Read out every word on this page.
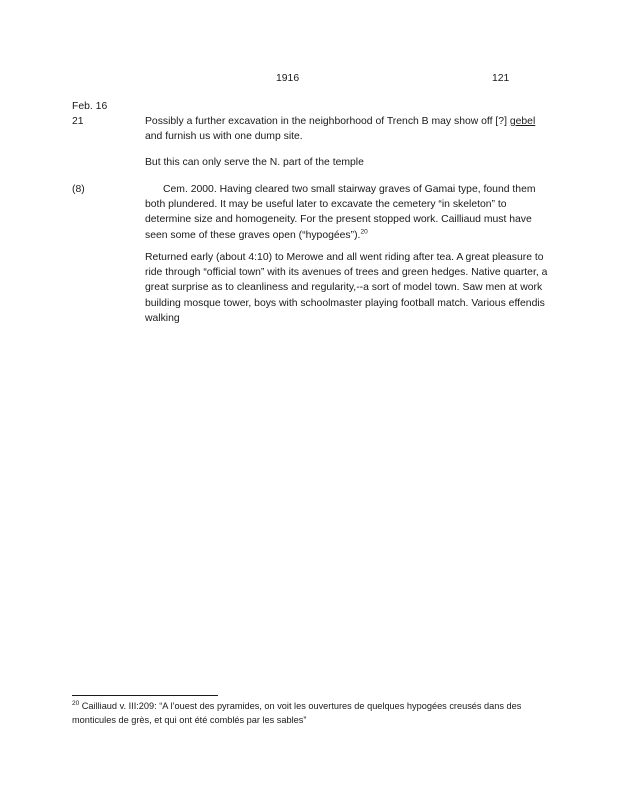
1916	121
Feb. 16
21	Possibly a further excavation in the neighborhood of Trench B may show off [?] gebel and furnish us with one dump site.

But this can only serve the N. part of the temple

(8)	Cem. 2000. Having cleared two small stairway graves of Gamai type, found them both plundered. It may be useful later to excavate the cemetery “in skeleton” to determine size and homogeneity. For the present stopped work. Cailliaud must have seen some of these graves open (“hypogées”).$^{20}$

Returned early (about 4:10) to Merowe and all went riding after tea. A great pleasure to ride through “official town” with its avenues of trees and green hedges. Native quarter, a great surprise as to cleanliness and regularity,--a sort of model town. Saw men at work building mosque tower, boys with schoolmaster playing football match. Various effendis walking

$^{20}$ Cailliaud v. III:209: “A l’ouest des pyramides, on voit les ouvertures de quelques hypogées creusés dans des monticules de grès, et qui ont été comblés par les sables”
